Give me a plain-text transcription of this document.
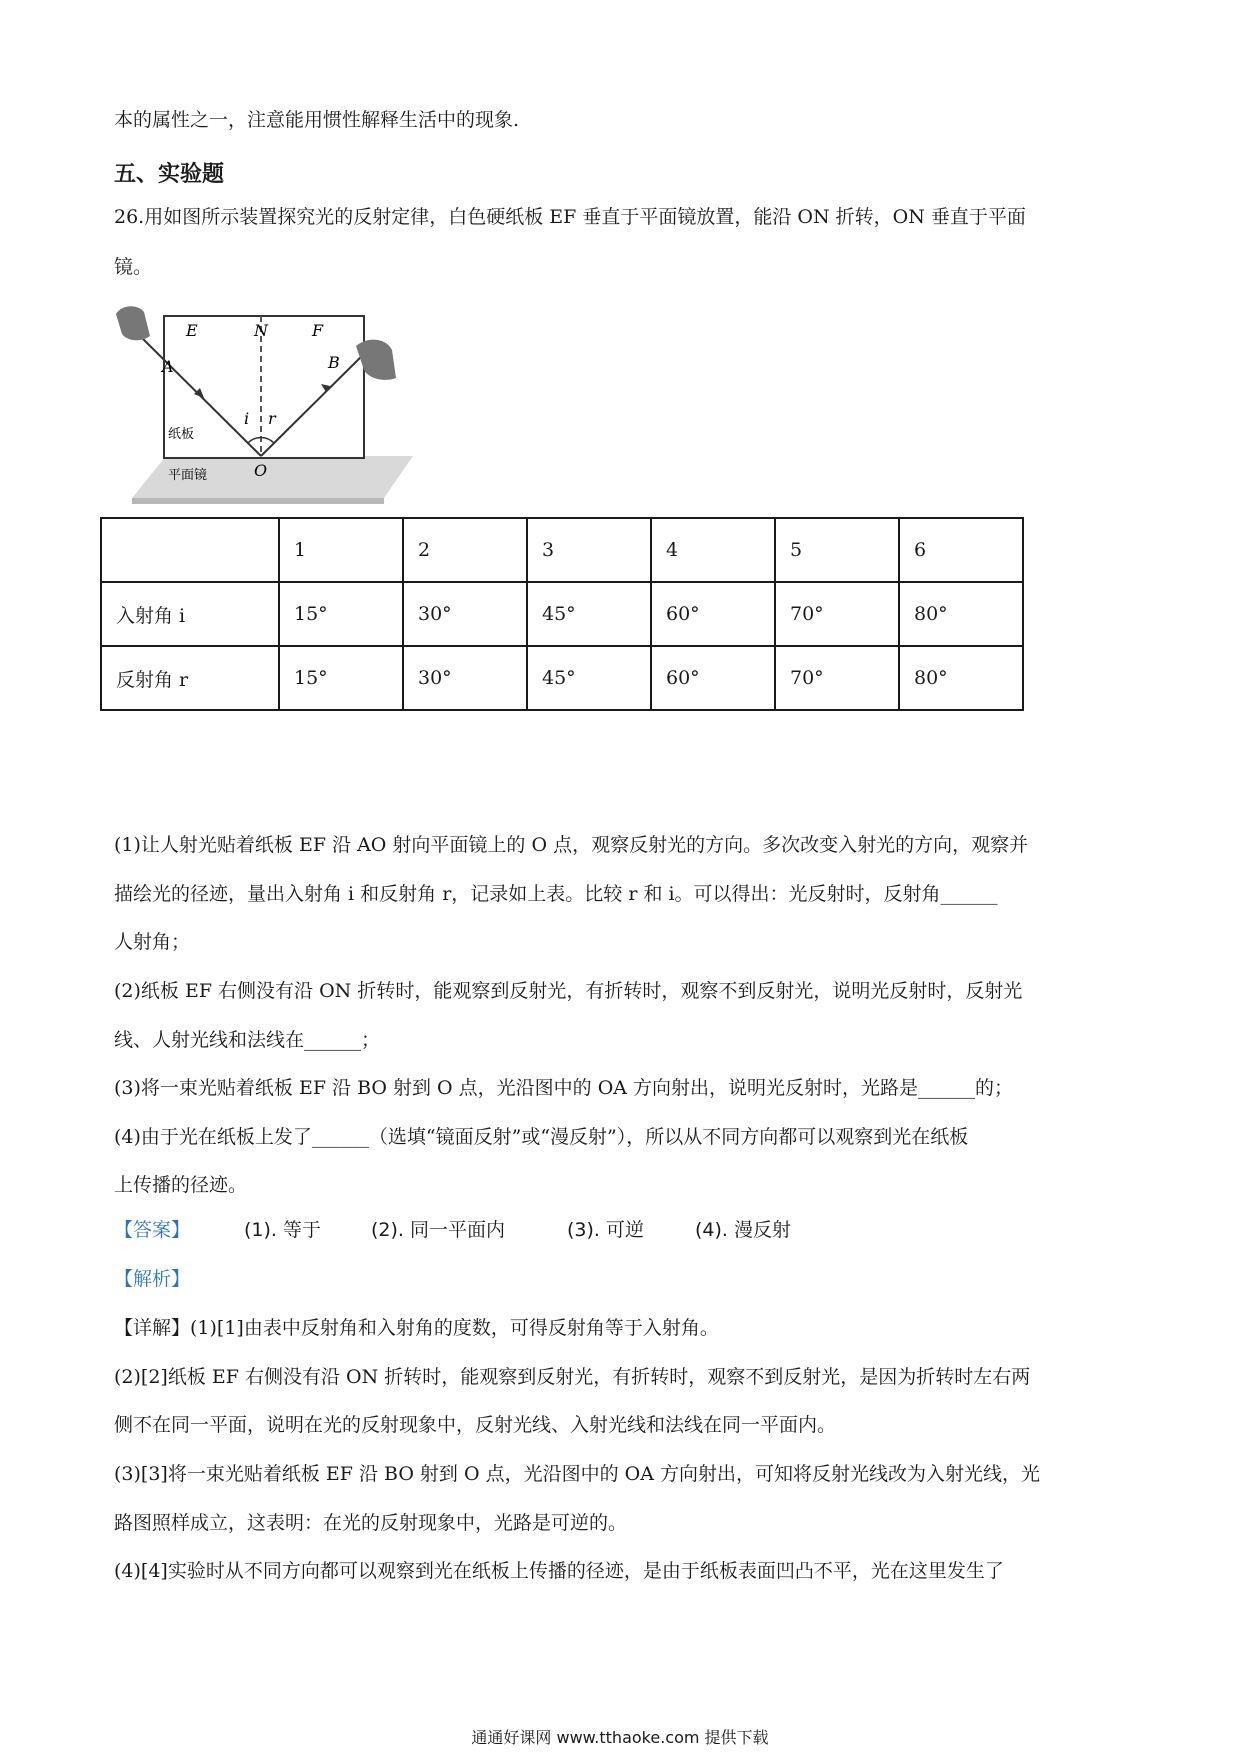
本的属性之一，注意能用惯性解释生活中的现象.
五、实验题
26.用如图所示装置探究光的反射定律，白色硬纸板 EF 垂直于平面镜放置，能沿 ON 折转，ON 垂直于平面
镜。
E	N	F
A	B
i r
O
纸板
平面镜
	1	2	3	4	5	6
入射角 i	15°	30°	45°	60°	70°	80°
反射角 r	15°	30°	45°	60°	70°	80°
(1)让人射光贴着纸板 EF 沿 AO 射向平面镜上的 O 点，观察反射光的方向。多次改变入射光的方向，观察并
描绘光的径迹，量出入射角 i 和反射角 r，记录如上表。比较 r 和 i。可以得出：光反射时，反射角______
人射角；
(2)纸板 EF 右侧没有沿 ON 折转时，能观察到反射光，有折转时，观察不到反射光，说明光反射时，反射光
线、人射光线和法线在______；
(3)将一束光贴着纸板 EF 沿 BO 射到 O 点，光沿图中的 OA 方向射出，说明光反射时，光路是______的；
(4)由于光在纸板上发了______（选填“镜面反射”或“漫反射”），所以从不同方向都可以观察到光在纸板
上传播的径迹。
【答案】	(1). 等于	(2). 同一平面内	(3). 可逆	(4). 漫反射
【解析】
【详解】(1)[1]由表中反射角和入射角的度数，可得反射角等于入射角。
(2)[2]纸板 EF 右侧没有沿 ON 折转时，能观察到反射光，有折转时，观察不到反射光，是因为折转时左右两
侧不在同一平面，说明在光的反射现象中，反射光线、入射光线和法线在同一平面内。
(3)[3]将一束光贴着纸板 EF 沿 BO 射到 O 点，光沿图中的 OA 方向射出，可知将反射光线改为入射光线，光
路图照样成立，这表明：在光的反射现象中，光路是可逆的。
(4)[4]实验时从不同方向都可以观察到光在纸板上传播的径迹，是由于纸板表面凹凸不平，光在这里发生了
通通好课网 www.tthaoke.com 提供下载
